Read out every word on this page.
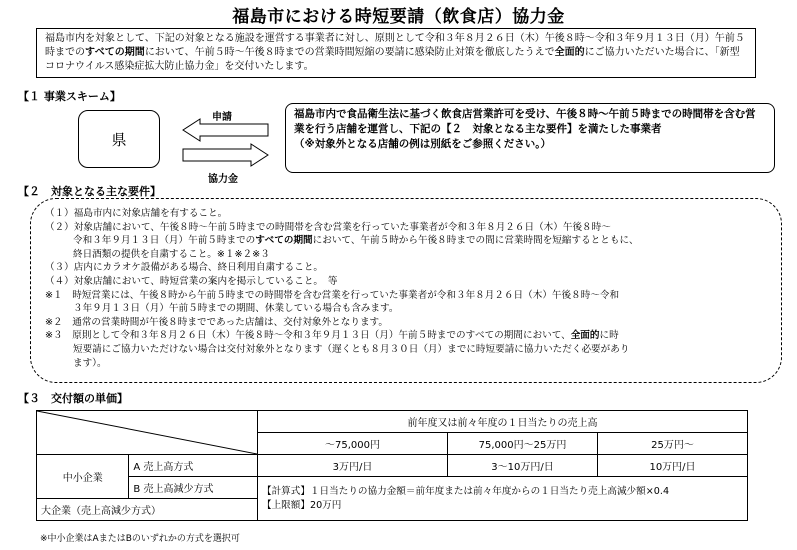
福島市における時短要請（飲食店）協力金
福島市内を対象として、下記の対象となる施設を運営する事業者に対し、原則として令和３年８月２６日（木）午後８時～令和３年９月１３日（月）午前５時までのすべての期間において、午前５時～午後８時までの営業時間短縮の要請に感染防止対策を徹底したうえで全面的にご協力いただいた場合に、「新型コロナウイルス感染症拡大防止協力金」を交付いたします。
【１ 事業スキーム】
県
申請
協力金
福島市内で食品衛生法に基づく飲食店営業許可を受け、午後８時～午前５時までの時間帯を含む営業を行う店舗を運営し、下記の【２　対象となる主な要件】を満たした事業者
（※対象外となる店舗の例は別紙をご参照ください。）
【２　対象となる主な要件】

（１）福島市内に対象店舗を有すること。

（２）対象店舗において、午後８時～午前５時までの時間帯を含む営業を行っていた事業者が令和３年８月２６日（木）午後８時～

令和３年９月１３日（月）午前５時までのすべての期間において、午前５時から午後８時までの間に営業時間を短縮するとともに、

終日酒類の提供を自粛すること。※１※２※３

（３）店内にカラオケ設備がある場合、終日利用自粛すること。

（４）対象店舗において、時短営業の案内を掲示していること。　等

※１　時短営業には、午後８時から午前５時までの時間帯を含む営業を行っていた事業者が令和３年８月２６日（木）午後８時～令和

３年９月１３日（月）午前５時までの期間、休業している場合も含みます。

※２　通常の営業時間が午後８時までであった店舗は、交付対象外となります。

※３　原則として令和３年８月２６日（木）午後８時～令和３年９月１３日（月）午前５時までのすべての期間において、全面的に時

短要請にご協力いただけない場合は交付対象外となります（遅くとも８月３０日（月）までに時短要請に協力いただく必要があり

ます）。

【３　交付額の単価】
	前年度又は前々年度の１日当たりの売上高		
		～75,000円	75,000円～25万円	25万円～
中小企業	A 売上高方式	3万円/日	3～10万円/日	10万円/日
	B 売上高減少方式	【計算式】１日当たりの協力金額＝前年度または前々年度からの１日当たり売上高減少額×0.4
【上限額】20万円		

大企業（売上高減少方式）				
※中小企業はAまたはBのいずれかの方式を選択可
